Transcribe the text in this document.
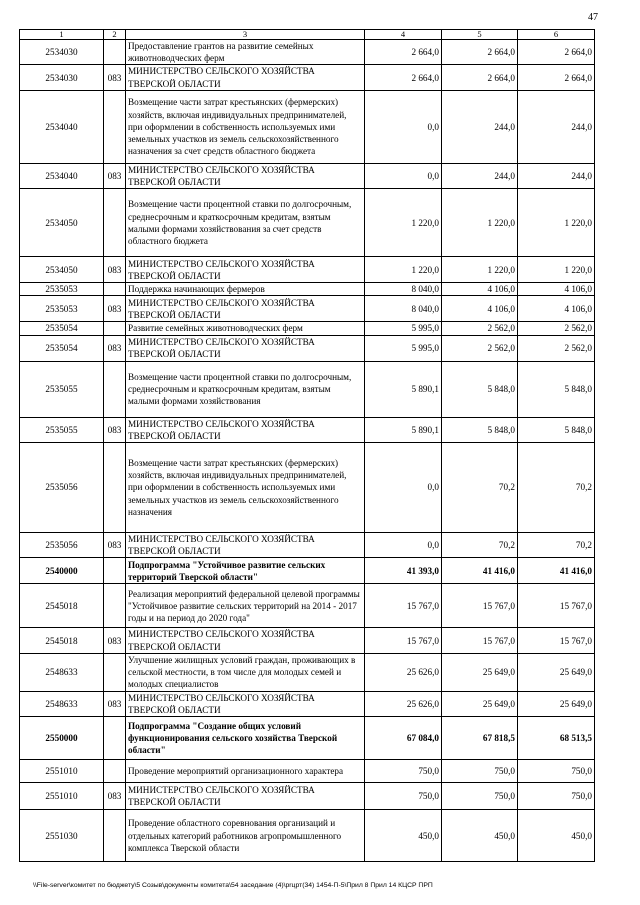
47
1	2	3	4	5	6
2534030		Предоставление грантов на развитие семейных животноводческих ферм	2 664,0	2 664,0	2 664,0
2534030	083	МИНИСТЕРСТВО СЕЛЬСКОГО ХОЗЯЙСТВА ТВЕРСКОЙ ОБЛАСТИ	2 664,0	2 664,0	2 664,0
2534040		Возмещение части затрат крестьянских (фермерских) хозяйств, включая индивидуальных предпринимателей, при оформлении в собственность используемых ими земельных участков из земель сельскохозяйственного назначения за счет средств областного бюджета	0,0	244,0	244,0
2534040	083	МИНИСТЕРСТВО СЕЛЬСКОГО ХОЗЯЙСТВА ТВЕРСКОЙ ОБЛАСТИ	0,0	244,0	244,0
2534050		Возмещение части процентной ставки по долгосрочным, среднесрочным и краткосрочным кредитам, взятым малыми формами хозяйствования за счет средств областного бюджета	1 220,0	1 220,0	1 220,0
2534050	083	МИНИСТЕРСТВО СЕЛЬСКОГО ХОЗЯЙСТВА ТВЕРСКОЙ ОБЛАСТИ	1 220,0	1 220,0	1 220,0
2535053		Поддержка начинающих фермеров	8 040,0	4 106,0	4 106,0
2535053	083	МИНИСТЕРСТВО СЕЛЬСКОГО ХОЗЯЙСТВА ТВЕРСКОЙ ОБЛАСТИ	8 040,0	4 106,0	4 106,0
2535054		Развитие семейных животноводческих ферм	5 995,0	2 562,0	2 562,0
2535054	083	МИНИСТЕРСТВО СЕЛЬСКОГО ХОЗЯЙСТВА ТВЕРСКОЙ ОБЛАСТИ	5 995,0	2 562,0	2 562,0
2535055		Возмещение части процентной ставки по долгосрочным, среднесрочным и краткосрочным кредитам, взятым малыми формами хозяйствования	5 890,1	5 848,0	5 848,0
2535055	083	МИНИСТЕРСТВО СЕЛЬСКОГО ХОЗЯЙСТВА ТВЕРСКОЙ ОБЛАСТИ	5 890,1	5 848,0	5 848,0
2535056		Возмещение части затрат крестьянских (фермерских) хозяйств, включая индивидуальных предпринимателей, при оформлении в собственность используемых ими земельных участков из земель сельскохозяйственного назначения	0,0	70,2	70,2
2535056	083	МИНИСТЕРСТВО СЕЛЬСКОГО ХОЗЯЙСТВА ТВЕРСКОЙ ОБЛАСТИ	0,0	70,2	70,2
2540000		Подпрограмма "Устойчивое развитие сельских территорий Тверской области"	41 393,0	41 416,0	41 416,0
2545018		Реализация мероприятий федеральной целевой программы "Устойчивое развитие сельских территорий на 2014 - 2017 годы и на период до 2020 года"	15 767,0	15 767,0	15 767,0
2545018	083	МИНИСТЕРСТВО СЕЛЬСКОГО ХОЗЯЙСТВА ТВЕРСКОЙ ОБЛАСТИ	15 767,0	15 767,0	15 767,0
2548633		Улучшение жилищных условий граждан, проживающих в сельской местности, в том числе для молодых семей и молодых специалистов	25 626,0	25 649,0	25 649,0
2548633	083	МИНИСТЕРСТВО СЕЛЬСКОГО ХОЗЯЙСТВА ТВЕРСКОЙ ОБЛАСТИ	25 626,0	25 649,0	25 649,0
2550000		Подпрограмма "Создание общих условий функционирования сельского хозяйства Тверской области"	67 084,0	67 818,5	68 513,5
2551010		Проведение мероприятий организационного характера	750,0	750,0	750,0
2551010	083	МИНИСТЕРСТВО СЕЛЬСКОГО ХОЗЯЙСТВА ТВЕРСКОЙ ОБЛАСТИ	750,0	750,0	750,0
2551030		Проведение областного соревнования организаций и отдельных категорий работников агропромышленного комплекса Тверской области	450,0	450,0	450,0
\\File-server\комитет по бюджету\5 Созыв\документы комитета\54 заседание (4)\prцрт(34) 1454-П-5\Прил 8 Прил 14 КЦСР ПРП
